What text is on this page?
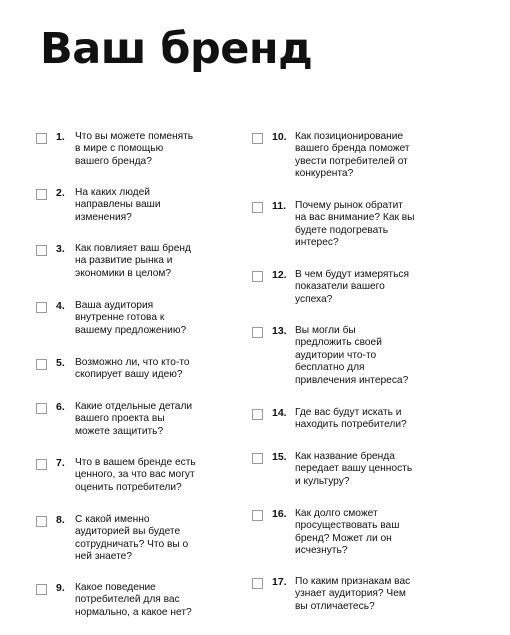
Ваш бренд
1.	Что вы можете поменять
в мире с помощью
вашего бренда?
2.	На каких людей
направлены ваши
изменения?
3.	Как повлияет ваш бренд
на развитие рынка и
экономики в целом?
4.	Ваша аудитория
внутренне готова к
вашему предложению?
5.	Возможно ли, что кто-то
скопирует вашу идею?
6.	Какие отдельные детали
вашего проекта вы
можете защитить?
7.	Что в вашем бренде есть
ценного, за что вас могут
оценить потребители?
8.	С какой именно
аудиторией вы будете
сотрудничать? Что вы о
ней знаете?
9.	Какое поведение
потребителей для вас
нормально, а какое нет?
10. Как позиционирование
вашего бренда поможет
увести потребителей от
конкурента?
11. Почему рынок обратит
на вас внимание? Как вы
будете подогревать
интерес?
12. В чем будут измеряться
показатели вашего
успеха?
13. Вы могли бы
предложить своей
аудитории что-то
бесплатно для
привлечения интереса?
14. Где вас будут искать и
находить потребители?
15. Как название бренда
передает вашу ценность
и культуру?
16. Как долго сможет
просуществовать ваш
бренд? Может ли он
исчезнуть?
17. По каким признакам вас
узнает аудитория? Чем
вы отличаетесь?
